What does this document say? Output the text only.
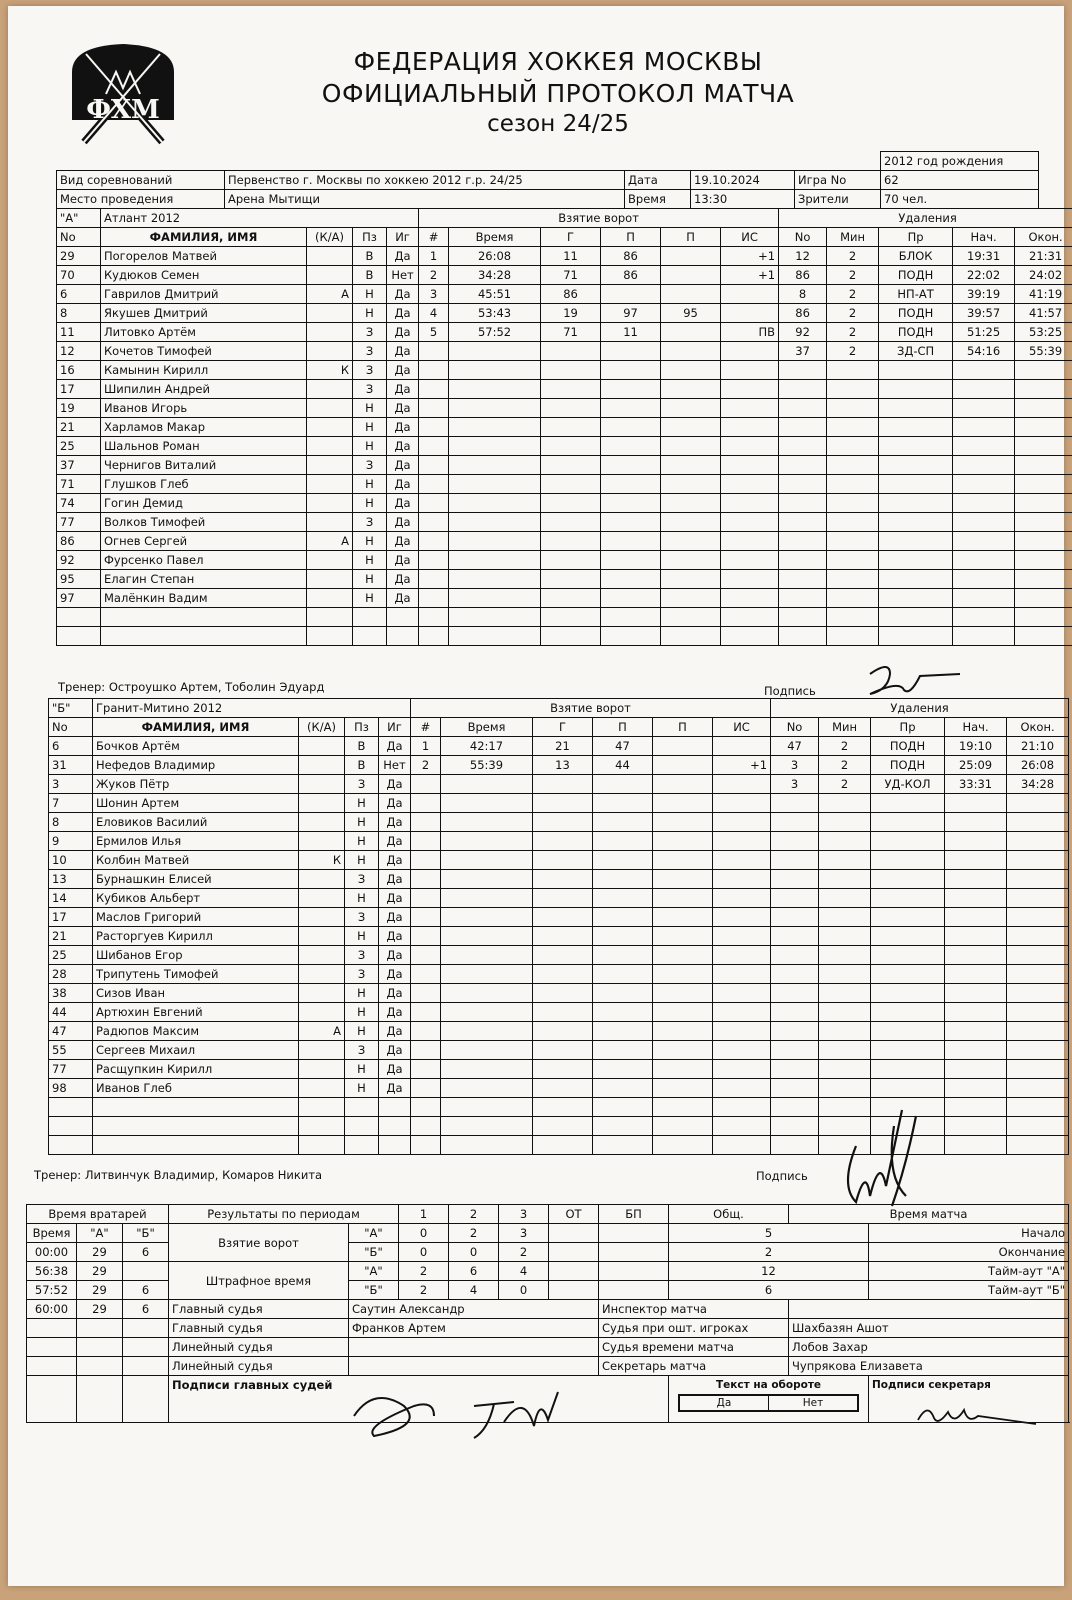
ФХМ
ФЕДЕРАЦИЯ ХОККЕЯ МОСКВЫ
ОФИЦИАЛЬНЫЙ ПРОТОКОЛ МАТЧА
сезон 24/25
					2012 год рождения
Вид соревнований	Первенство г. Москвы по хоккею 2012 г.р. 24/25	Дата	19.10.2024	Игра No	62
Место проведения	Арена Мытищи	Время	13:30	Зрители	70 чел.
"А"	Атлант 2012				Взятие ворот						Удаления				
No	ФАМИЛИЯ, ИМЯ	(К/А)	Пз	Иг	#	Время	Г	П	П	ИС	No	Мин	Пр	Нач.	Окон.
29	Погорелов Матвей		В	Да	1	26:08	11	86		+1	12	2	БЛОК	19:31	21:31
70	Кудюков Семен		В	Нет	2	34:28	71	86		+1	86	2	ПОДН	22:02	24:02
6	Гаврилов Дмитрий	А	Н	Да	3	45:51	86				8	2	НП-АТ	39:19	41:19
8	Якушев Дмитрий		Н	Да	4	53:43	19	97	95		86	2	ПОДН	39:57	41:57
11	Литовко Артём		З	Да	5	57:52	71	11		ПВ	92	2	ПОДН	51:25	53:25
12	Кочетов Тимофей		З	Да							37	2	ЗД-СП	54:16	55:39
16	Камынин Кирилл	К	З	Да											
17	Шипилин Андрей		З	Да											
19	Иванов Игорь		Н	Да											
21	Харламов Макар		Н	Да											
25	Шальнов Роман		Н	Да											
37	Чернигов Виталий		З	Да											
71	Глушков Глеб		Н	Да											
74	Гогин Демид		Н	Да											
77	Волков Тимофей		З	Да											
86	Огнев Сергей	А	Н	Да											
92	Фурсенко Павел		Н	Да											
95	Елагин Степан		Н	Да											
97	Малёнкин Вадим		Н	Да											

Тренер: Остроушко Артем, Тоболин Эдуард	Подпись
"Б"	Гранит-Митино 2012				Взятие ворот						Удаления				
No	ФАМИЛИЯ, ИМЯ	(К/А)	Пз	Иг	#	Время	Г	П	П	ИС	No	Мин	Пр	Нач.	Окон.
6	Бочков Артём		В	Да	1	42:17	21	47			47	2	ПОДН	19:10	21:10
31	Нефедов Владимир		В	Нет	2	55:39	13	44		+1	3	2	ПОДН	25:09	26:08
3	Жуков Пётр		З	Да							3	2	УД-КОЛ	33:31	34:28
7	Шонин Артем		Н	Да											
8	Еловиков Василий		Н	Да											
9	Ермилов Илья		Н	Да											
10	Колбин Матвей	К	Н	Да											
13	Бурнашкин Елисей		З	Да											
14	Кубиков Альберт		Н	Да											
17	Маслов Григорий		З	Да											
21	Расторгуев Кирилл		Н	Да											
25	Шибанов Егор		З	Да											
28	Трипутень Тимофей		З	Да											
38	Сизов Иван		Н	Да											
44	Артюхин Евгений		Н	Да											
47	Радюпов Максим	А	Н	Да											
55	Сергеев Михаил		З	Да											
77	Расщупкин Кирилл		Н	Да											
98	Иванов Глеб		Н	Да											

Тренер: Литвинчук Владимир, Комаров Никита	Подпись
Время вратарей			Результаты по периодам		1	2	3	ОТ	БП	Общ.	Время матча		
Время	"А"	"Б"	Взятие ворот	"А"	0	2	3			5		Начало	
00:00	29	6		"Б"	0	0	2			2		Окончание	
56:38	29		Штрафное время	"А"	2	6	4			12		Тайм-аут "А"	
57:52	29	6		"Б"	2	4	0			6		Тайм-аут "Б"	
60:00	29	6	Главный судья	Саутин Александр					Инспектор матча				
			Главный судья	Франков Артем					Судья при ошт. игроках		Шахбазян Ашот		
			Линейный судья						Судья времени матча		Лобов Захар		
			Линейный судья						Секретарь матча		Чупрякова Елизавета		
			Подписи главных судей							Текст на обороте
Да Нет		Подписи секретаря	
